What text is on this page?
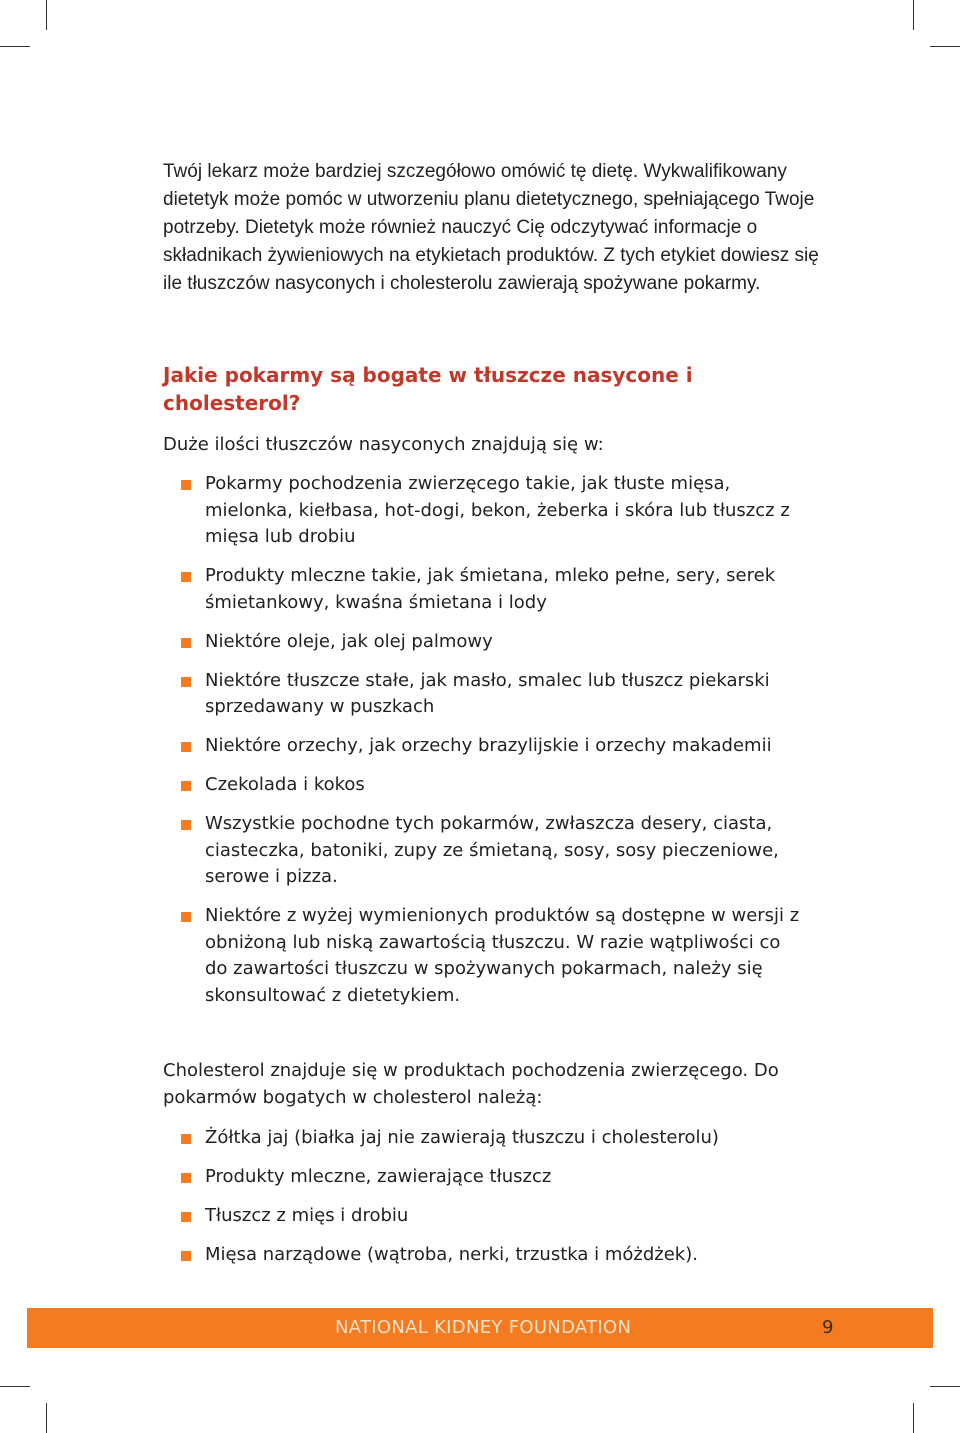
Twój lekarz może bardziej szczegółowo omówić tę dietę. Wykwalifikowany dietetyk może pomóc w utworzeniu planu dietetycznego, spełniającego Twoje potrzeby. Dietetyk może również nauczyć Cię odczytywać informacje o składnikach żywieniowych na etykietach produktów. Z tych etykiet dowiesz się ile tłuszczów nasyconych i cholesterolu zawierają spożywane pokarmy.

Jakie pokarmy są bogate w tłuszcze nasycone i cholesterol?

Duże ilości tłuszczów nasyconych znajdują się w:

Pokarmy pochodzenia zwierzęcego takie, jak tłuste mięsa, mielonka, kiełbasa, hot-dogi, bekon, żeberka i skóra lub tłuszcz z mięsa lub drobiu
Produkty mleczne takie, jak śmietana, mleko pełne, sery, serek śmietankowy, kwaśna śmietana i lody
Niektóre oleje, jak olej palmowy
Niektóre tłuszcze stałe, jak masło, smalec lub tłuszcz piekarski sprzedawany w puszkach
Niektóre orzechy, jak orzechy brazylijskie i orzechy makademii
Czekolada i kokos
Wszystkie pochodne tych pokarmów, zwłaszcza desery, ciasta, ciasteczka, batoniki, zupy ze śmietaną, sosy, sosy pieczeniowe, serowe i pizza.
Niektóre z wyżej wymienionych produktów są dostępne w wersji z obniżoną lub niską zawartością tłuszczu. W razie wątpliwości co do zawartości tłuszczu w spożywanych pokarmach, należy się skonsultować z dietetykiem.

Cholesterol znajduje się w produktach pochodzenia zwierzęcego. Do pokarmów bogatych w cholesterol należą:

Żółtka jaj (białka jaj nie zawierają tłuszczu i cholesterolu)
Produkty mleczne, zawierające tłuszcz
Tłuszcz z mięs i drobiu
Mięsa narządowe (wątroba, nerki, trzustka i móżdżek).
NATIONAL KIDNEY FOUNDATION	9
